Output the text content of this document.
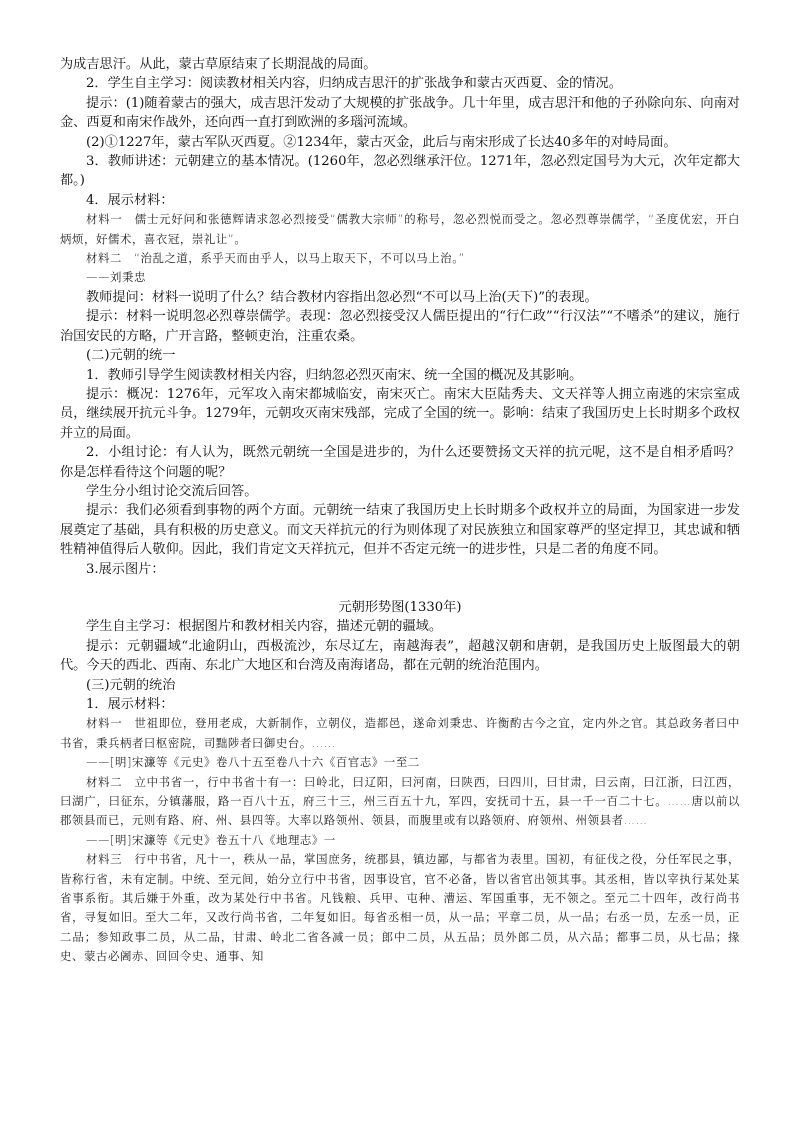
为成吉思汗。从此，蒙古草原结束了长期混战的局面。

2．学生自主学习：阅读教材相关内容，归纳成吉思汗的扩张战争和蒙古灭西夏、金的情况。

提示：(1)随着蒙古的强大，成吉思汗发动了大规模的扩张战争。几十年里，成吉思汗和他的子孙除向东、向南对金、西夏和南宋作战外，还向西一直打到欧洲的多瑙河流域。

(2)①1227年，蒙古军队灭西夏。②1234年，蒙古灭金，此后与南宋形成了长达40多年的对峙局面。

3．教师讲述：元朝建立的基本情况。(1260年，忽必烈继承汗位。1271年，忽必烈定国号为大元，次年定都大都。)

4．展示材料：

材料一　儒士元好问和张德辉请求忽必烈接受“儒教大宗师”的称号，忽必烈悦而受之。忽必烈尊崇儒学，“圣度优宏，开白炳烦，好儒术，喜衣冠，崇礼让”。

材料二　“治乱之道，系乎天而由乎人，以马上取天下，不可以马上治。”

——刘秉忠

教师提问：材料一说明了什么？结合教材内容指出忽必烈“不可以马上治(天下)”的表现。

提示：材料一说明忽必烈尊崇儒学。表现：忽必烈接受汉人儒臣提出的“行仁政”“行汉法”“不嗜杀”的建议，施行治国安民的方略，广开言路，整顿吏治，注重农桑。

(二)元朝的统一

1．教师引导学生阅读教材相关内容，归纳忽必烈灭南宋、统一全国的概况及其影响。

提示：概况：1276年，元军攻入南宋都城临安，南宋灭亡。南宋大臣陆秀夫、文天祥等人拥立南逃的宋宗室成员，继续展开抗元斗争。1279年，元朝攻灭南宋残部，完成了全国的统一。影响：结束了我国历史上长时期多个政权并立的局面。

2．小组讨论：有人认为，既然元朝统一全国是进步的，为什么还要赞扬文天祥的抗元呢，这不是自相矛盾吗？你是怎样看待这个问题的呢？

学生分小组讨论交流后回答。

提示：我们必须看到事物的两个方面。元朝统一结束了我国历史上长时期多个政权并立的局面，为国家进一步发展奠定了基础，具有积极的历史意义。而文天祥抗元的行为则体现了对民族独立和国家尊严的坚定捍卫，其忠诚和牺牲精神值得后人敬仰。因此，我们肯定文天祥抗元，但并不否定元统一的进步性，只是二者的角度不同。

3.展示图片：

元朝形势图(1330年)

学生自主学习：根据图片和教材相关内容，描述元朝的疆域。

提示：元朝疆域“北逾阴山，西极流沙，东尽辽左，南越海表”，超越汉朝和唐朝，是我国历史上版图最大的朝代。今天的西北、西南、东北广大地区和台湾及南海诸岛，都在元朝的统治范围内。

(三)元朝的统治

1．展示材料：

材料一　世祖即位，登用老成，大新制作，立朝仪，造都邑，遂命刘秉忠、许衡酌古今之宜，定内外之官。其总政务者曰中书省，秉兵柄者曰枢密院，司黜陟者曰御史台。……

——[明]宋濂等《元史》卷八十五至卷八十六《百官志》一至二

材料二　立中书省一，行中书省十有一：曰岭北，曰辽阳，曰河南，曰陕西，曰四川，曰甘肃，曰云南，曰江浙，曰江西，曰湖广，曰征东，分镇藩服，路一百八十五，府三十三，州三百五十九，军四，安抚司十五，县一千一百二十七。……唐以前以郡领县而已，元则有路、府、州、县四等。大率以路领州、领县，而腹里或有以路领府、府领州、州领县者……

——[明]宋濂等《元史》卷五十八《地理志》一

材料三　行中书省，凡十一，秩从一品，掌国庶务，统郡县，镇边鄙，与都省为表里。国初，有征伐之役，分任军民之事，皆称行省，未有定制。中统、至元间，始分立行中书省，因事设官，官不必备，皆以省官出领其事。其丞相，皆以宰执行某处某省事系衔。其后嫌于外重，改为某处行中书省。凡钱粮、兵甲、屯种、漕运、军国重事，无不领之。至元二十四年，改行尚书省，寻复如旧。至大二年，又改行尚书省，二年复如旧。每省丞相一员，从一品；平章二员，从一品；右丞一员，左丞一员，正二品；参知政事二员，从二品，甘肃、岭北二省各减一员；郎中二员，从五品；员外郎二员，从六品；都事二员，从七品；掾史、蒙古必阇赤、回回令史、通事、知
